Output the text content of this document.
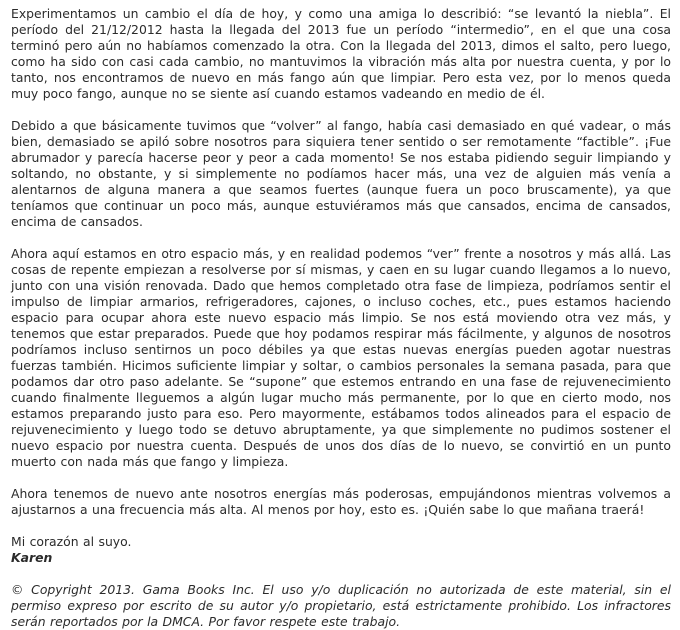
Experimentamos un cambio el día de hoy, y como una amiga lo describió: “se levantó la niebla”. El período del 21/12/2012 hasta la llegada del 2013 fue un período “intermedio”, en el que una cosa terminó pero aún no habíamos comenzado la otra. Con la llegada del 2013, dimos el salto, pero luego, como ha sido con casi cada cambio, no mantuvimos la vibración más alta por nuestra cuenta, y por lo tanto, nos encontramos de nuevo en más fango aún que limpiar. Pero esta vez, por lo menos queda muy poco fango, aunque no se siente así cuando estamos vadeando en medio de él.

Debido a que básicamente tuvimos que “volver” al fango, había casi demasiado en qué vadear, o más bien, demasiado se apiló sobre nosotros para siquiera tener sentido o ser remotamente “factible”. ¡Fue abrumador y parecía hacerse peor y peor a cada momento! Se nos estaba pidiendo seguir limpiando y soltando, no obstante, y si simplemente no podíamos hacer más, una vez de alguien más venía a alentarnos de alguna manera a que seamos fuertes (aunque fuera un poco bruscamente), ya que teníamos que continuar un poco más, aunque estuviéramos más que cansados, encima de cansados, encima de cansados.

Ahora aquí estamos en otro espacio más, y en realidad podemos “ver” frente a nosotros y más allá. Las cosas de repente empiezan a resolverse por sí mismas, y caen en su lugar cuando llegamos a lo nuevo, junto con una visión renovada. Dado que hemos completado otra fase de limpieza, podríamos sentir el impulso de limpiar armarios, refrigeradores, cajones, o incluso coches, etc., pues estamos haciendo espacio para ocupar ahora este nuevo espacio más limpio. Se nos está moviendo otra vez más, y tenemos que estar preparados. Puede que hoy podamos respirar más fácilmente, y algunos de nosotros podríamos incluso sentirnos un poco débiles ya que estas nuevas energías pueden agotar nuestras fuerzas también. Hicimos suficiente limpiar y soltar, o cambios personales la semana pasada, para que podamos dar otro paso adelante. Se “supone” que estemos entrando en una fase de rejuvenecimiento cuando finalmente lleguemos a algún lugar mucho más permanente, por lo que en cierto modo, nos estamos preparando justo para eso. Pero mayormente, estábamos todos alineados para el espacio de rejuvenecimiento y luego todo se detuvo abruptamente, ya que simplemente no pudimos sostener el nuevo espacio por nuestra cuenta. Después de unos dos días de lo nuevo, se convirtió en un punto muerto con nada más que fango y limpieza.

Ahora tenemos de nuevo ante nosotros energías más poderosas, empujándonos mientras volvemos a ajustarnos a una frecuencia más alta. Al menos por hoy, esto es. ¡Quién sabe lo que mañana traerá!

Mi corazón al suyo.
Karen

© Copyright 2013. Gama Books Inc. El uso y/o duplicación no autorizada de este material, sin el permiso expreso por escrito de su autor y/o propietario, está estrictamente prohibido. Los infractores serán reportados por la DMCA. Por favor respete este trabajo.
